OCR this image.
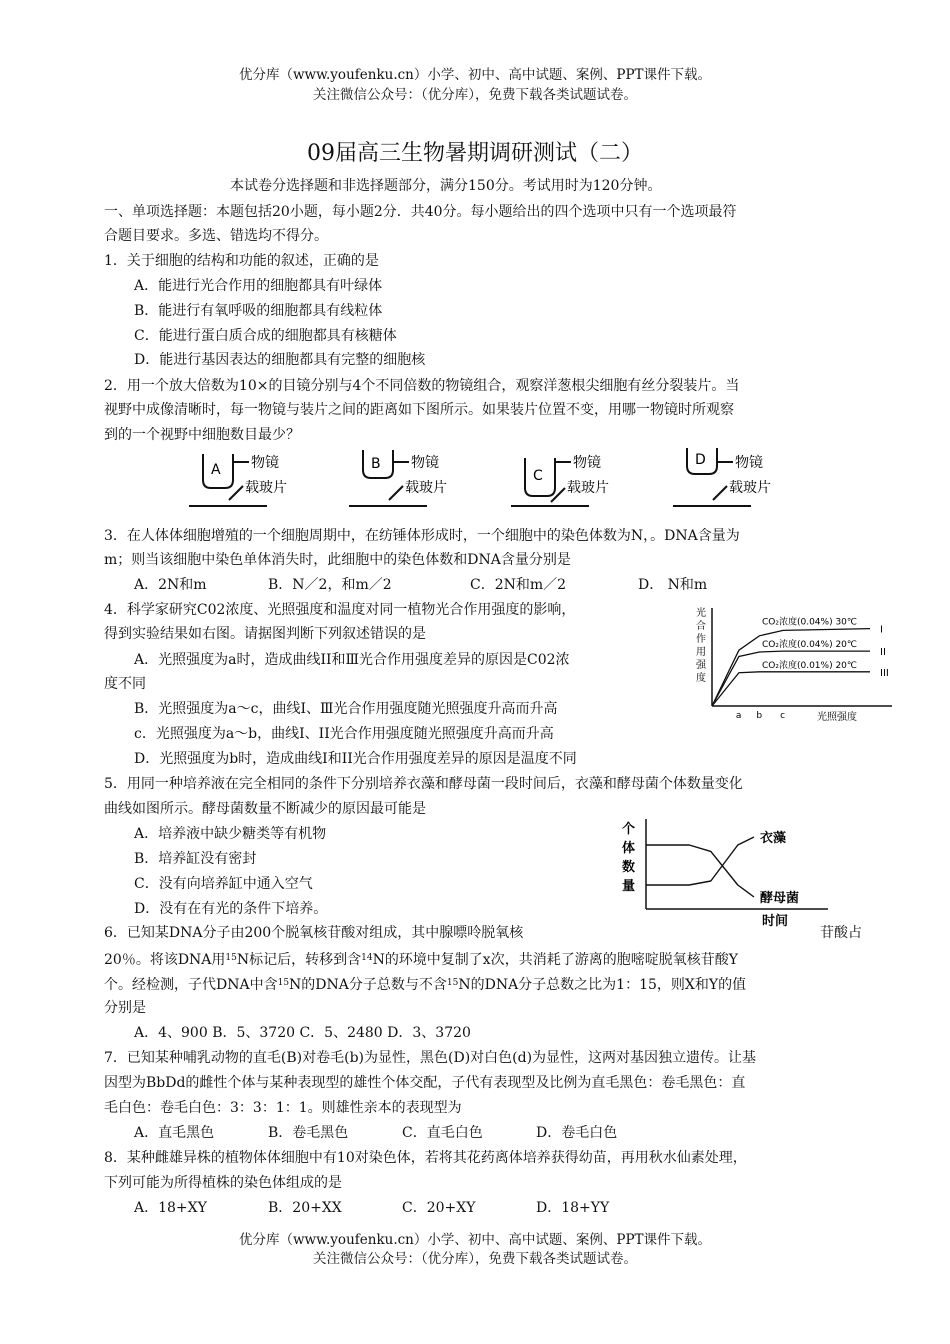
优分库（www.youfenku.cn）小学、初中、高中试题、案例、PPT课件下载。
关注微信公众号：（优分库），免费下载各类试题试卷。
09届高三生物暑期调研测试（二）
本试卷分选择题和非选择题部分，满分150分。考试用时为120分钟。
一、单项选择题：本题包括20小题，每小题2分．共40分。每小题给出的四个选项中只有一个选项最符
合题目要求。多选、错选均不得分。
1．关于细胞的结构和功能的叙述，正确的是
A．能进行光合作用的细胞都具有叶绿体
B．能进行有氧呼吸的细胞都具有线粒体
C．能进行蛋白质合成的细胞都具有核糖体
D．能进行基因表达的细胞都具有完整的细胞核
2．用一个放大倍数为10×的目镜分别与4个不同倍数的物镜组合，观察洋葱根尖细胞有丝分裂装片。当
视野中成像清晰时，每一物镜与装片之间的距离如下图所示。如果装片位置不变，用哪一物镜时所观察
到的一个视野中细胞数目最少？
A 物镜
载玻片
B 物镜
载玻片
C
物镜
载玻片
D 物镜
载玻片
3．在人体体细胞增殖的一个细胞周期中，在纺锤体形成时，一个细胞中的染色体数为N，。DNA含量为
m；则当该细胞中染色单体消失时，此细胞中的染色体数和DNA含量分别是
A．2N和m	B．N／2，和m／2	C．2N和m／2	D． N和m
4．科学家研究C02浓度、光照强度和温度对同一植物光合作用强度的影响，
得到实验结果如右图。请据图判断下列叙述错误的是
A．光照强度为a时，造成曲线II和Ⅲ光合作用强度差异的原因是C02浓
度不同
B．光照强度为a～c，曲线I、Ⅲ光合作用强度随光照强度升高而升高
c．光照强度为a～b，曲线I、II光合作用强度随光照强度升高而升高
D．光照强度为b时，造成曲线I和II光合作用强度差异的原因是温度不同
光
合
作
用
强
度
CO₂浓度(0.04%) 30℃
I
CO₂浓度(0.04%) 20℃
II
CO₂浓度(0.01%) 20℃
III
a b c	光照强度
5．用同一种培养液在完全相同的条件下分别培养衣藻和酵母菌一段时间后，衣藻和酵母菌个体数量变化
曲线如图所示。酵母菌数量不断减少的原因最可能是
A．培养液中缺少糖类等有机物
B．培养缸没有密封
C．没有向培养缸中通入空气
D．没有在有光的条件下培养。
个
体
数
量
衣藻
酵母菌
时间
6．已知某DNA分子由200个脱氧核苷酸对组成，其中腺嘌呤脱氧核	苷酸占
20％。将该DNA用$^{15}$N标记后，转移到含$^{14}$N的环境中复制了x次，共消耗了游离的胞嘧啶脱氧核苷酸Y
个。经检测，子代DNA中含$^{15}$N的DNA分子总数与不含$^{15}$N的DNA分子总数之比为1：15，则X和Y的值
分别是
A．4、900 B．5、3720 C．5、2480 D．3、3720
7．已知某种哺乳动物的直毛(B)对卷毛(b)为显性，黑色(D)对白色(d)为显性，这两对基因独立遗传。让基
因型为BbDd的雌性个体与某种表现型的雄性个体交配，子代有表现型及比例为直毛黑色：卷毛黑色：直
毛白色：卷毛白色：3：3：1：1。则雄性亲本的表现型为
A．直毛黑色	B．卷毛黑色	C．直毛白色	D．卷毛白色
8．某种雌雄异株的植物体体细胞中有10对染色体，若将其花药离体培养获得幼苗，再用秋水仙素处理，
下列可能为所得植株的染色体组成的是
A．18+XY	B．20+XX	C．20+XY	D．18+YY
优分库（www.youfenku.cn）小学、初中、高中试题、案例、PPT课件下载。
关注微信公众号：（优分库），免费下载各类试题试卷。
